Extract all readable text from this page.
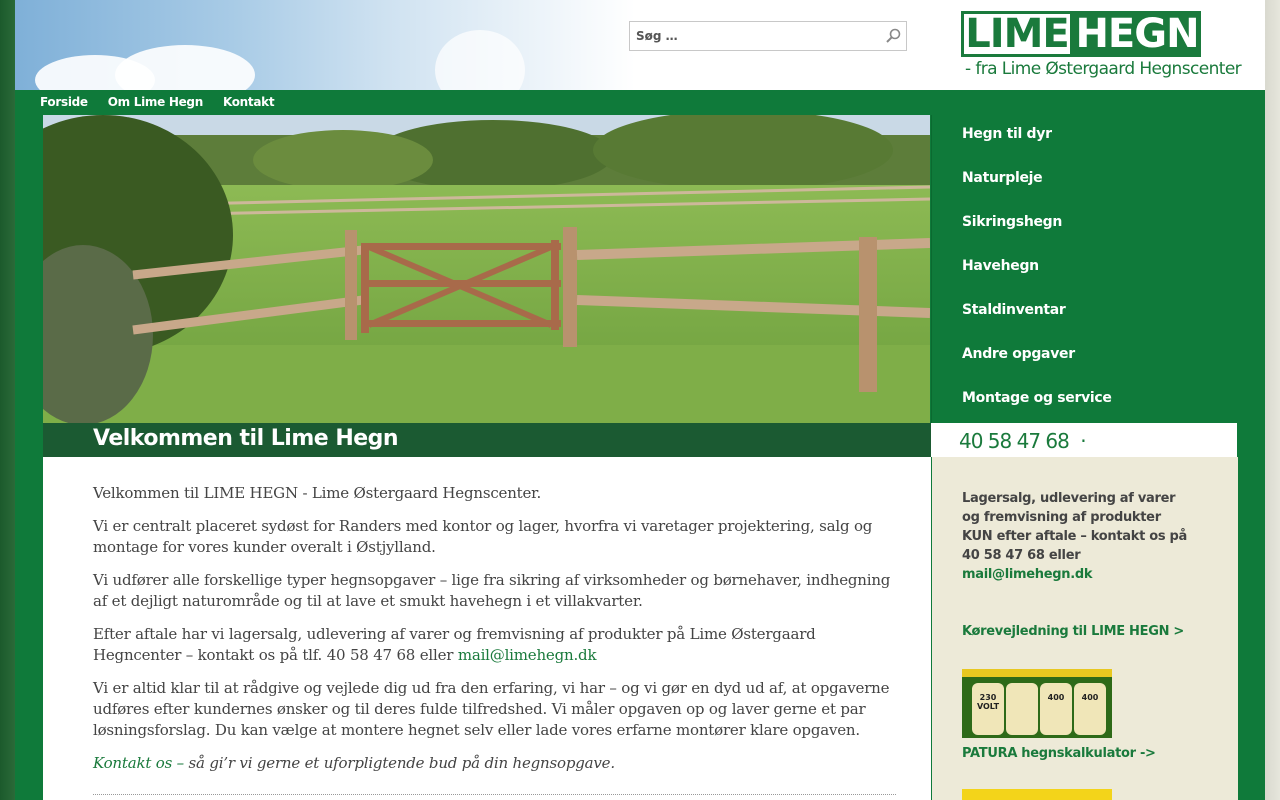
Søg …
LIME HEGN
- fra Lime Østergaard Hegnscenter
Forside Om Lime Hegn Kontakt
Velkommen til Lime Hegn

Velkommen til LIME HEGN - Lime Østergaard Hegnscenter.

Vi er centralt placeret sydøst for Randers med kontor og lager, hvorfra vi varetager projektering, salg og montage for vores kunder overalt i Østjylland.

Vi udfører alle forskellige typer hegnsopgaver – lige fra sikring af virksomheder og børnehaver, indhegning af et dejligt naturområde og til at lave et smukt havehegn i et villakvarter.

Efter aftale har vi lagersalg, udlevering af varer og fremvisning af produkter på Lime Østergaard Hegncenter – kontakt os på tlf. 40 58 47 68 eller mail@limehegn.dk

Vi er altid klar til at rådgive og vejlede dig ud fra den erfaring, vi har – og vi gør en dyd ud af, at opgaverne udføres efter kundernes ønsker og til deres fulde tilfredshed. Vi måler opgaven op og laver gerne et par løsningsforslag. Du kan vælge at montere hegnet selv eller lade vores erfarne montører klare opgaven.

Kontakt os – så gi’r vi gerne et uforpligtende bud på din hegnsopgave.

Hegn til dyr
Naturpleje
Sikringshegn
Havehegn
Staldinventar
Andre opgaver
Montage og service
40 58 47 68 ·
Lagersalg, udlevering af varer
og fremvisning af produkter
KUN efter aftale – kontakt os på
40 58 47 68 eller
mail@limehegn.dk
Kørevejledning til LIME HEGN >
patura
230 VOLT
400	400
PATURA hegnskalkulator ->
